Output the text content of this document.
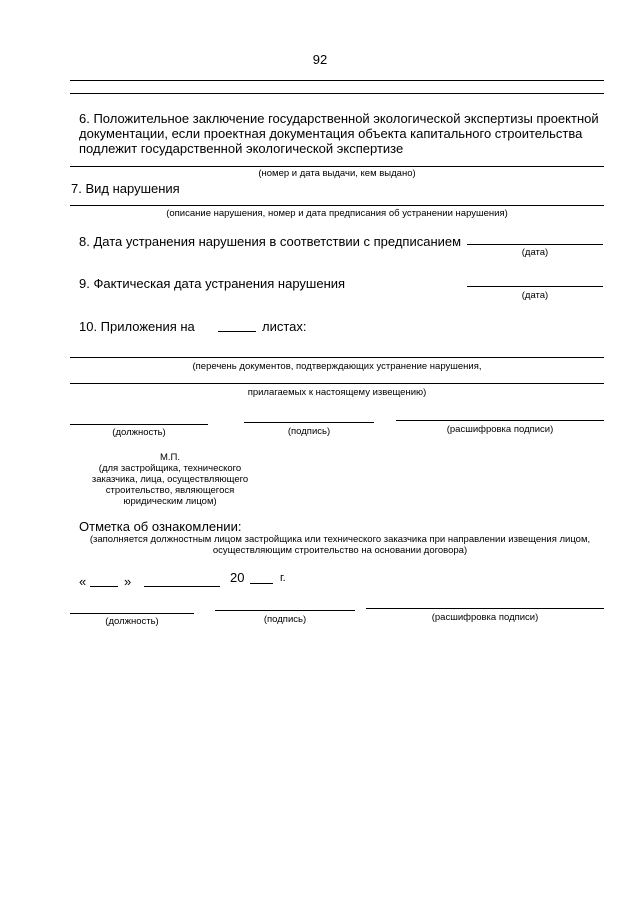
92
6. Положительное заключение государственной экологической экспертизы проектной
документации, если проектная документация объекта капитального строительства
подлежит государственной экологической экспертизе
(номер и дата выдачи, кем выдано)
7. Вид нарушения
(описание нарушения, номер и дата предписания об устранении нарушения)
8. Дата устранения нарушения в соответствии с предписанием
(дата)
9. Фактическая дата устранения нарушения
(дата)
10. Приложения на	листах:
(перечень документов, подтверждающих устранение нарушения,
прилагаемых к настоящему извещению)
(должность)	(подпись)	(расшифровка подписи)
М.П.
(для застройщика, технического
заказчика, лица, осуществляющего
строительство, являющегося
юридическим лицом)
Отметка об ознакомлении:
(заполняется должностным лицом застройщика или технического заказчика при направлении извещения лицом,
осуществляющим строительство на основании договора)
«	»	20	г.
(должность)	(подпись)	(расшифровка подписи)
